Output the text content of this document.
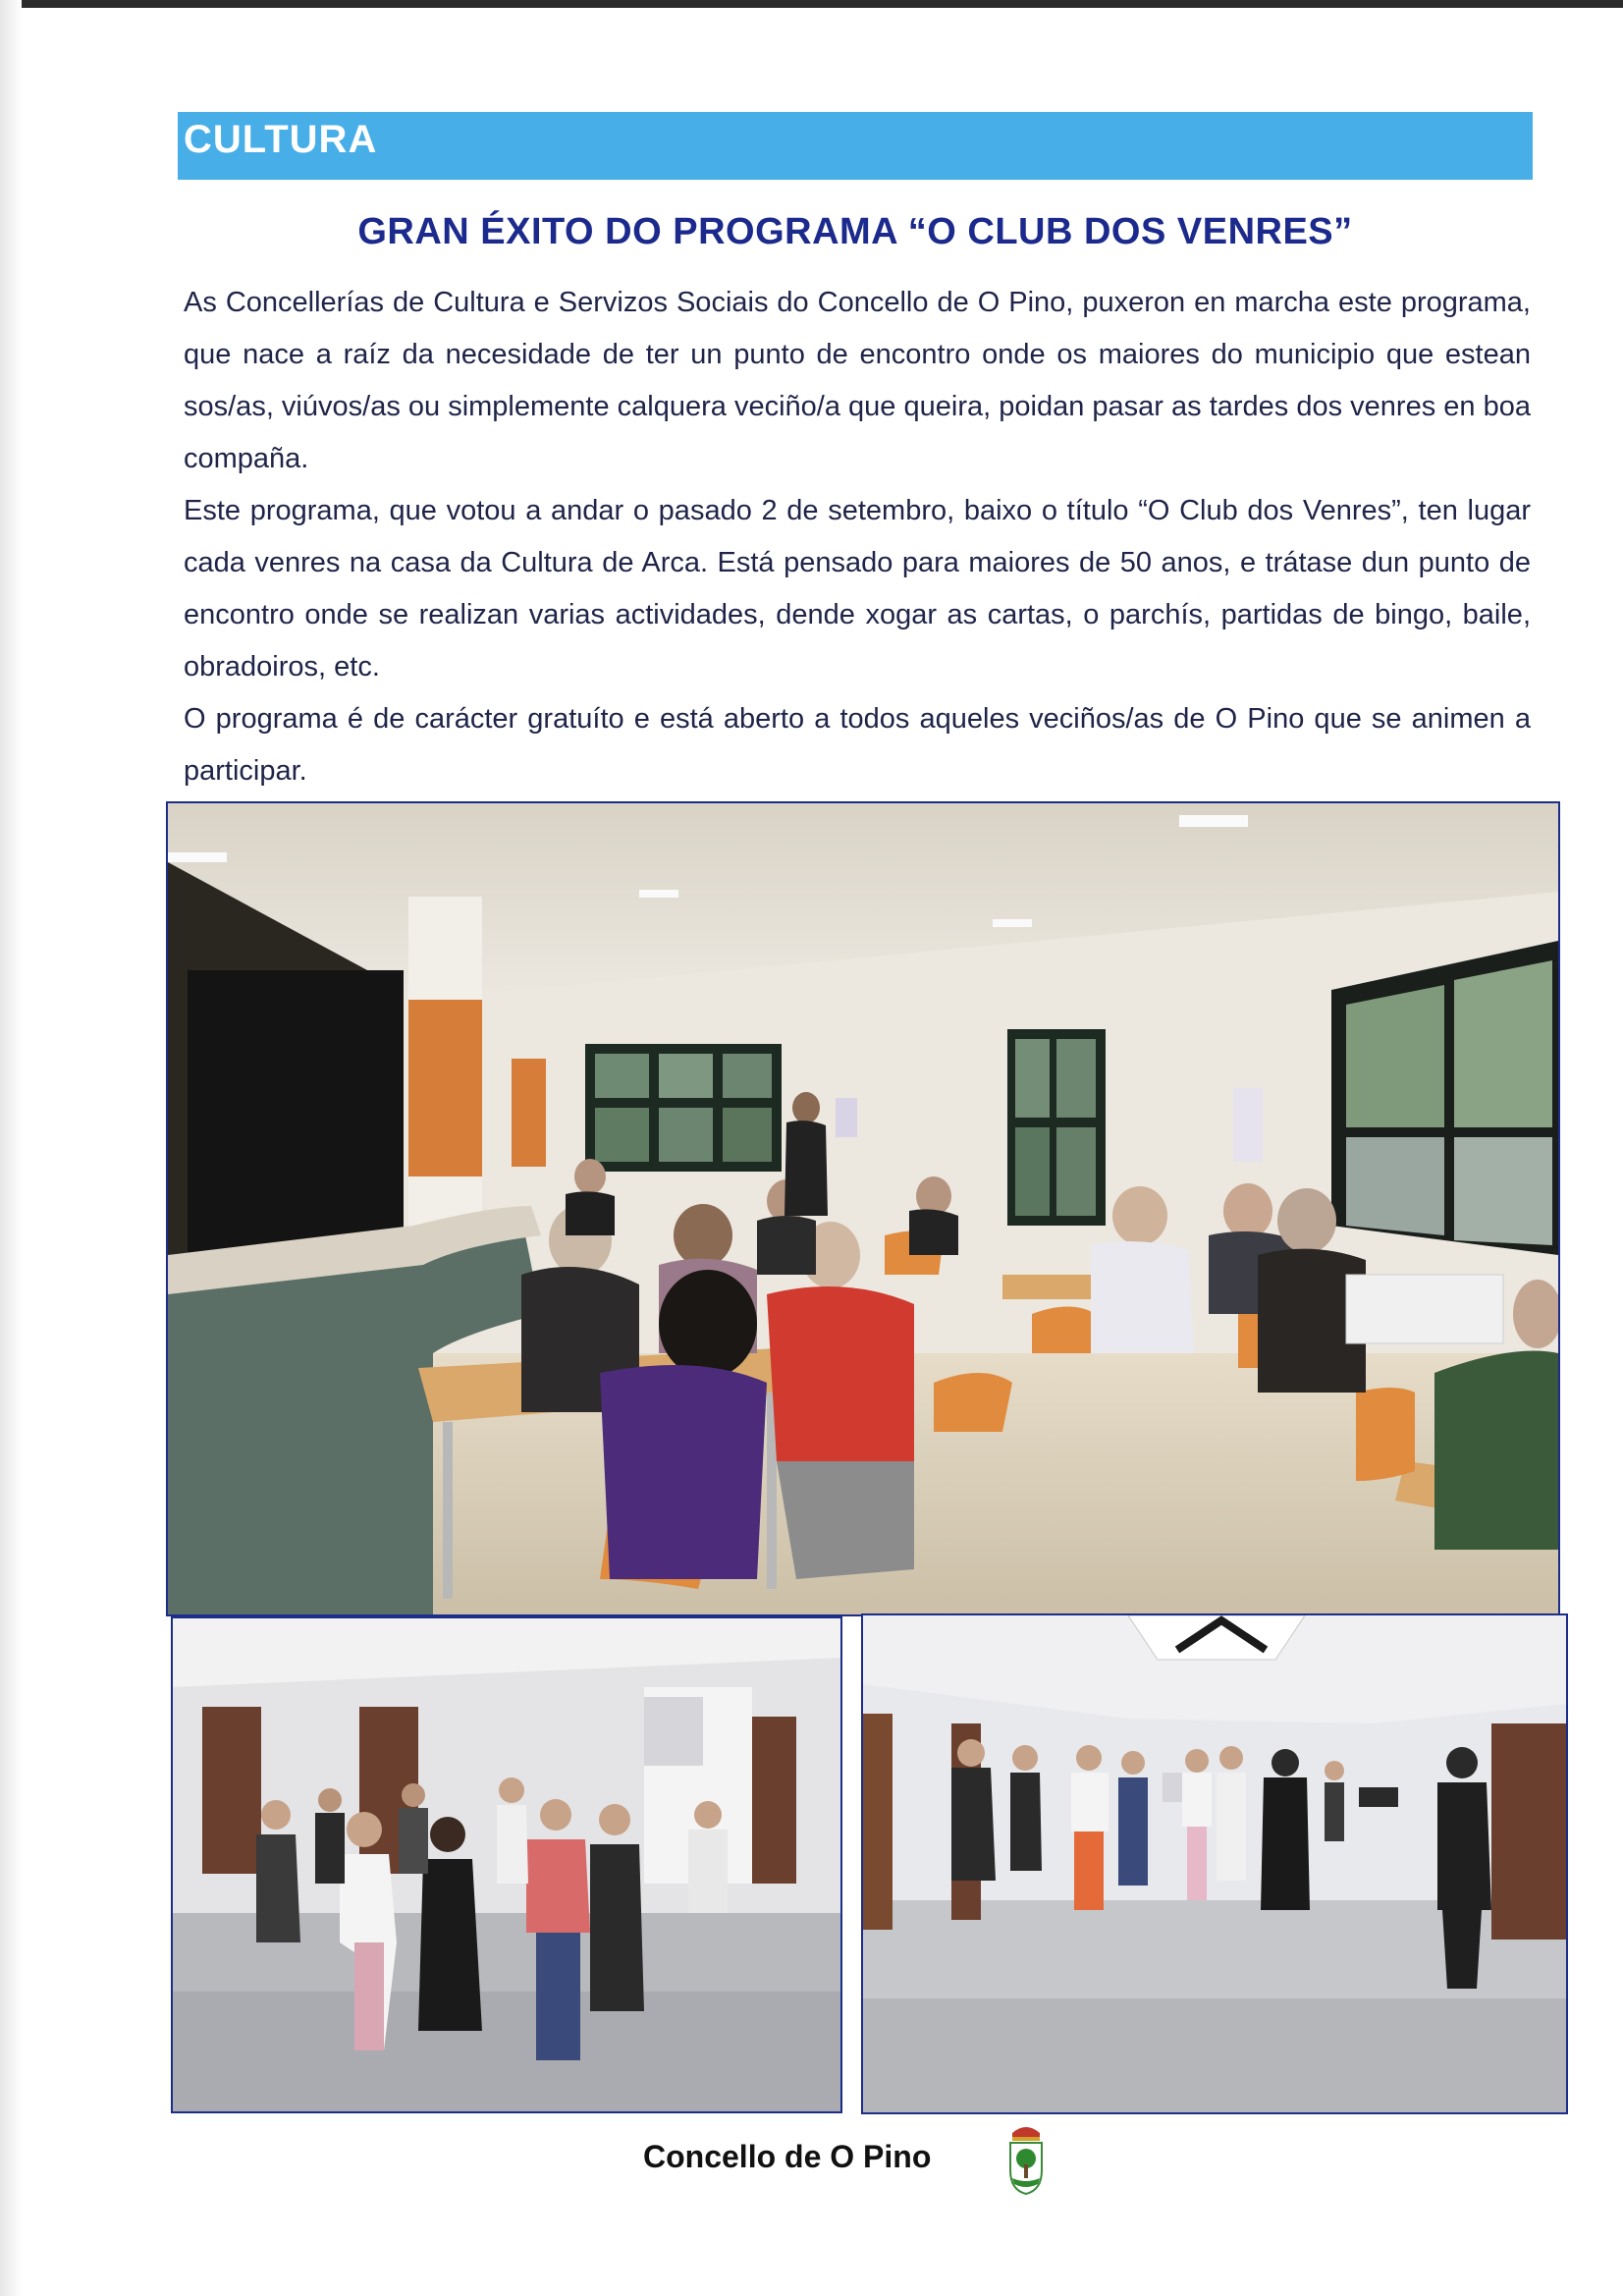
CULTURA
GRAN ÉXITO DO PROGRAMA “O CLUB DOS VENRES”

As Concellerías de Cultura e Servizos Sociais do Concello de O Pino, puxeron en marcha este programa, que nace a raíz da necesidade de ter un punto de encontro onde os maiores do municipio que estean sos/as, viúvos/as ou simplemente calquera veciño/a que queira, poidan pasar as tardes dos venres en boa compaña.

Este programa, que votou a andar o pasado 2 de setembro, baixo o título “O Club dos Venres”, ten lugar cada venres na casa da Cultura de Arca. Está pensado para maiores de 50 anos, e trátase dun punto de encontro onde se realizan varias actividades, dende xogar as cartas, o parchís, partidas de bingo, baile, obradoiros, etc.

O programa é de carácter gratuíto e está aberto a todos aqueles veciños/as de O Pino que se animen a participar.

Concello de O Pino
